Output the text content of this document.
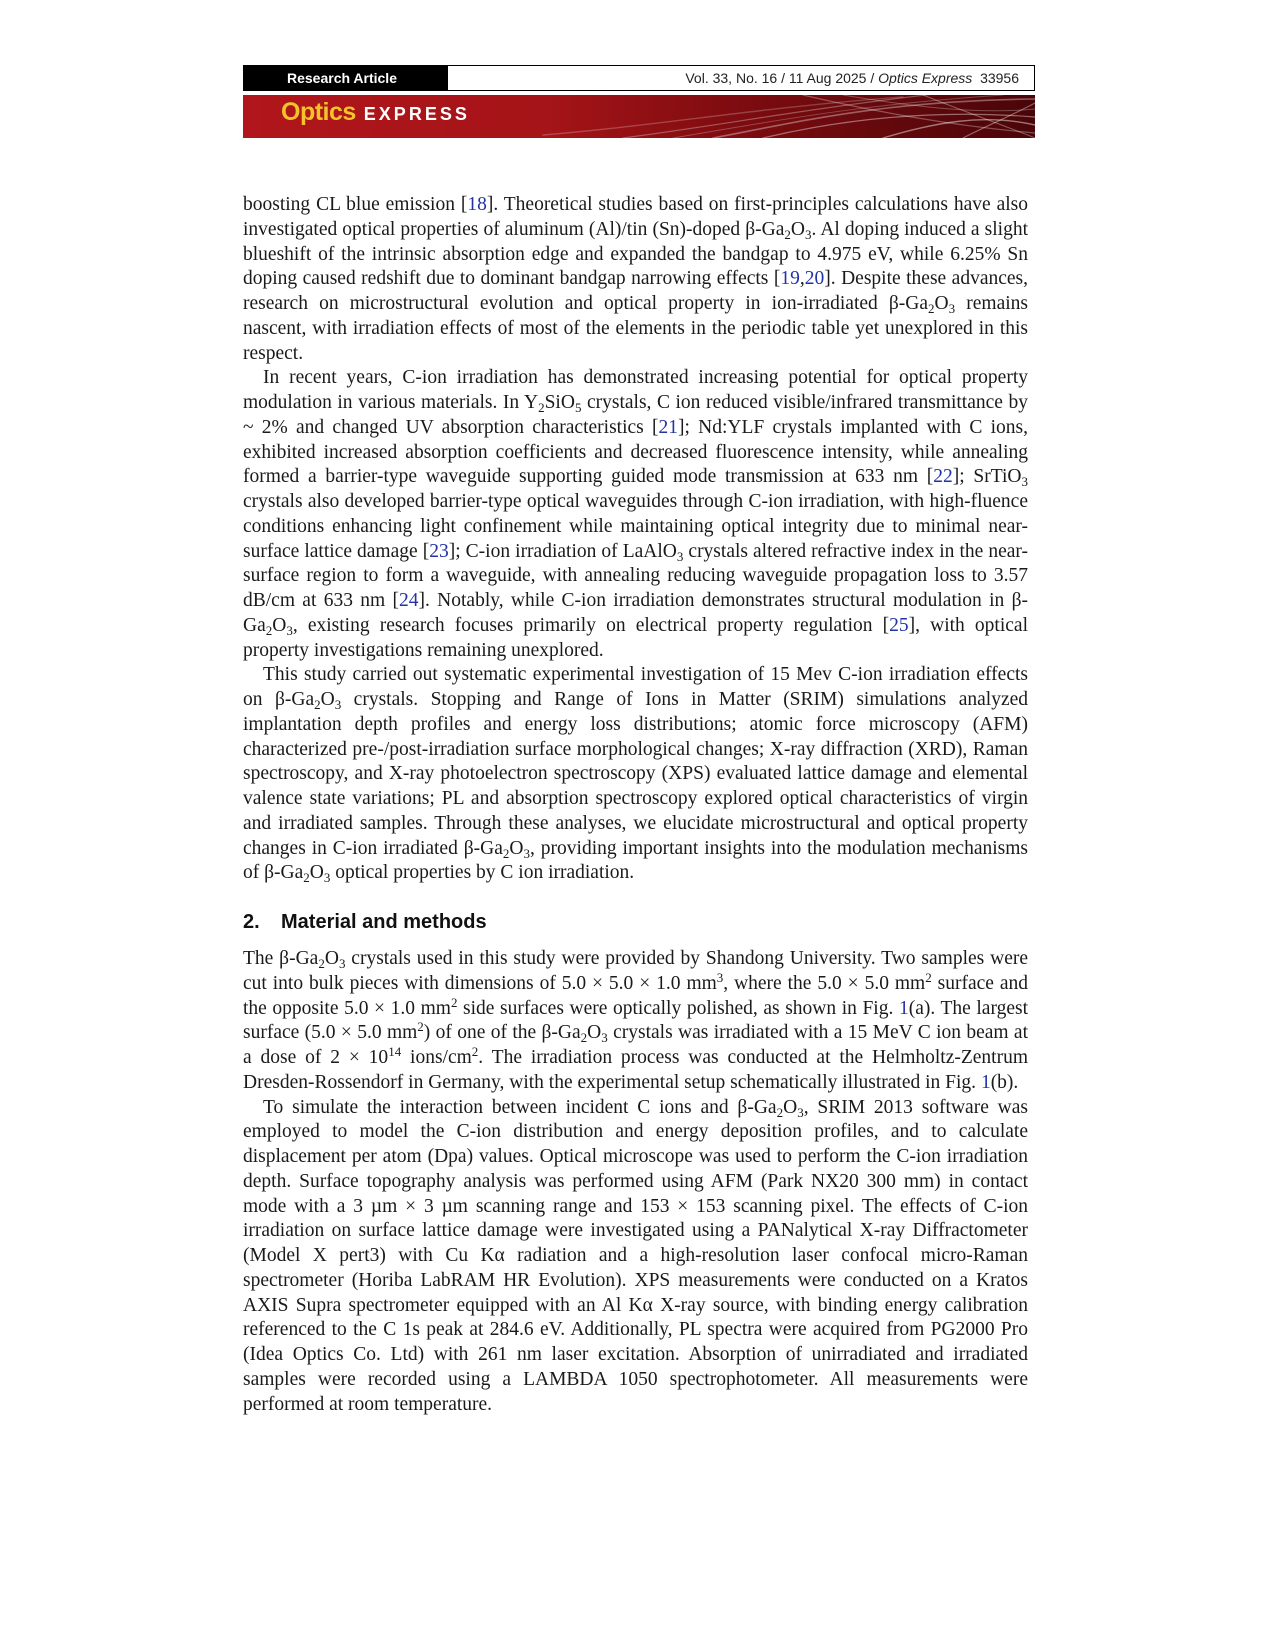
Research Article	Vol. 33, No. 16 / 11 Aug 2025 / Optics Express 33956
Optics EXPRESS

boosting CL blue emission [18]. Theoretical studies based on first-principles calculations have also investigated optical properties of aluminum (Al)/tin (Sn)-doped $\beta-Ga_2O_3$. Al doping induced a slight blueshift of the intrinsic absorption edge and expanded the bandgap to 4.975 eV, while 6.25% Sn doping caused redshift due to dominant bandgap narrowing effects [19,20]. Despite these advances, research on microstructural evolution and optical property in ion-irradiated $\beta-Ga_2O_3$ remains nascent, with irradiation effects of most of the elements in the periodic table yet unexplored in this respect.

In recent years, C-ion irradiation has demonstrated increasing potential for optical property modulation in various materials. In $Y_2SiO_5$ crystals, C ion reduced visible/infrared transmittance by ~ 2% and changed UV absorption characteristics [21]; Nd:YLF crystals implanted with C ions, exhibited increased absorption coefficients and decreased fluorescence intensity, while annealing formed a barrier-type waveguide supporting guided mode transmission at 633 nm [22]; SrTiO$_3$ crystals also developed barrier-type optical waveguides through C-ion irradiation, with high-fluence conditions enhancing light confinement while maintaining optical integrity due to minimal near-surface lattice damage [23]; C-ion irradiation of LaAlO$_3$ crystals altered refractive index in the near-surface region to form a waveguide, with annealing reducing waveguide propagation loss to 3.57 dB/cm at 633 nm [24]. Notably, while C-ion irradiation demonstrates structural modulation in $\beta-Ga_2O_3$, existing research focuses primarily on electrical property regulation [25], with optical property investigations remaining unexplored.

This study carried out systematic experimental investigation of 15 Mev C-ion irradiation effects on $\beta-Ga_2O_3$ crystals. Stopping and Range of Ions in Matter (SRIM) simulations analyzed implantation depth profiles and energy loss distributions; atomic force microscopy (AFM) characterized pre-/post-irradiation surface morphological changes; X-ray diffraction (XRD), Raman spectroscopy, and X-ray photoelectron spectroscopy (XPS) evaluated lattice damage and elemental valence state variations; PL and absorption spectroscopy explored optical characteristics of virgin and irradiated samples. Through these analyses, we elucidate microstructural and optical property changes in C-ion irradiated $\beta-Ga_2O_3$, providing important insights into the modulation mechanisms of $\beta-Ga_2O_3$ optical properties by C ion irradiation.

2. Material and methods

The $\beta-Ga_2O_3$ crystals used in this study were provided by Shandong University. Two samples were cut into bulk pieces with dimensions of 5.0 × 5.0 × 1.0 $mm^3$, where the 5.0 × 5.0 $mm^2$ surface and the opposite 5.0 × 1.0 $mm^2$ side surfaces were optically polished, as shown in Fig. 1(a). The largest surface (5.0 × 5.0 $mm^2$) of one of the $\beta-Ga_2O_3$ crystals was irradiated with a 15 MeV C ion beam at a dose of $2 \times 10^{14}$ ions/$cm^2$. The irradiation process was conducted at the Helmholtz-Zentrum Dresden-Rossendorf in Germany, with the experimental setup schematically illustrated in Fig. 1(b).

To simulate the interaction between incident C ions and $\beta-Ga_2O_3$, SRIM 2013 software was employed to model the C-ion distribution and energy deposition profiles, and to calculate displacement per atom (Dpa) values. Optical microscope was used to perform the C-ion irradiation depth. Surface topography analysis was performed using AFM (Park NX20 300 mm) in contact mode with a 3 µm × 3 µm scanning range and 153 × 153 scanning pixel. The effects of C-ion irradiation on surface lattice damage were investigated using a PANalytical X-ray Diffractometer (Model X pert3) with Cu Kα radiation and a high-resolution laser confocal micro-Raman spectrometer (Horiba LabRAM HR Evolution). XPS measurements were conducted on a Kratos AXIS Supra spectrometer equipped with an Al Kα X-ray source, with binding energy calibration referenced to the C 1s peak at 284.6 eV. Additionally, PL spectra were acquired from PG2000 Pro (Idea Optics Co. Ltd) with 261 nm laser excitation. Absorption of unirradiated and irradiated samples were recorded using a LAMBDA 1050 spectrophotometer. All measurements were performed at room temperature.
